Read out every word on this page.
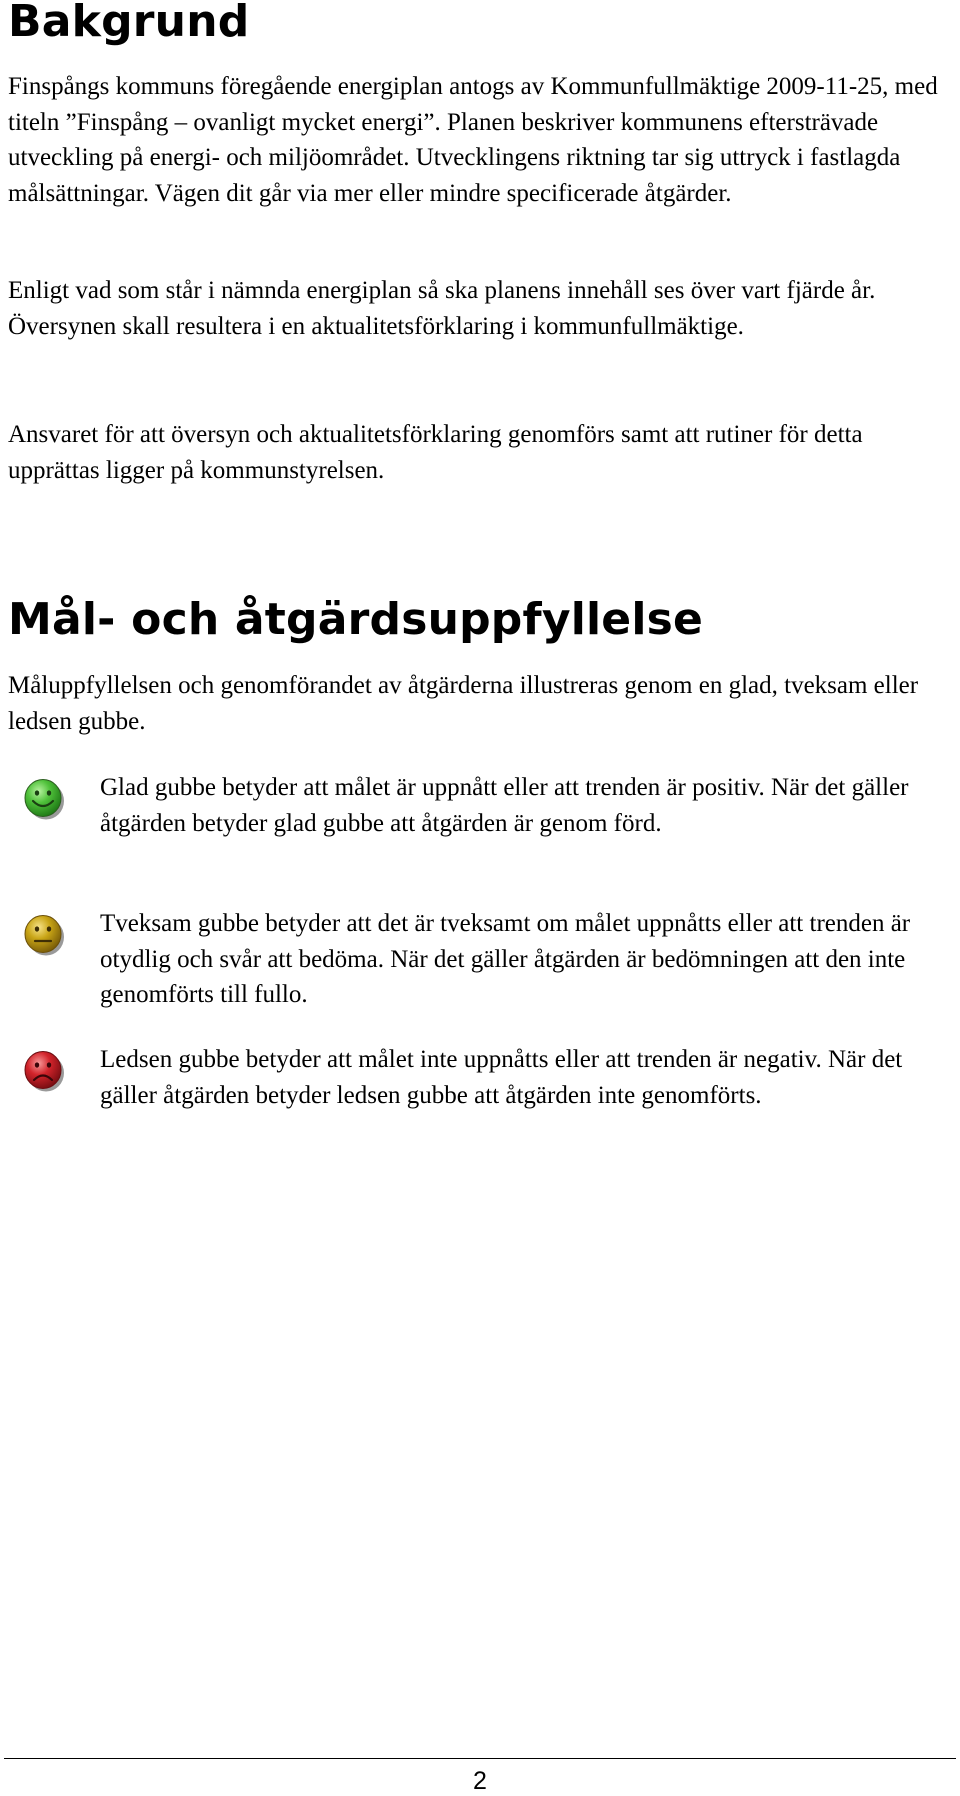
Bakgrund

Finspångs kommuns föregående energiplan antogs av Kommunfullmäktige 2009-11-25, med titeln ”Finspång – ovanligt mycket energi”. Planen beskriver kommunens eftersträvade utveckling på energi- och miljöområdet. Utvecklingens riktning tar sig uttryck i fastlagda målsättningar. Vägen dit går via mer eller mindre specificerade åtgärder.

Enligt vad som står i nämnda energiplan så ska planens innehåll ses över vart fjärde år. Översynen skall resultera i en aktualitetsförklaring i kommunfullmäktige.

Ansvaret för att översyn och aktualitetsförklaring genomförs samt att rutiner för detta upprättas ligger på kommunstyrelsen.

Mål- och åtgärdsuppfyllelse

Måluppfyllelsen och genomförandet av åtgärderna illustreras genom en glad, tveksam eller ledsen gubbe.

Glad gubbe betyder att målet är uppnått eller att trenden är positiv. När det gäller åtgärden betyder glad gubbe att åtgärden är genom förd.

Tveksam gubbe betyder att det är tveksamt om målet uppnåtts eller att trenden är otydlig och svår att bedöma. När det gäller åtgärden är bedömningen att den inte genomförts till fullo.

Ledsen gubbe betyder att målet inte uppnåtts eller att trenden är negativ. När det gäller åtgärden betyder ledsen gubbe att åtgärden inte genomförts.

2
